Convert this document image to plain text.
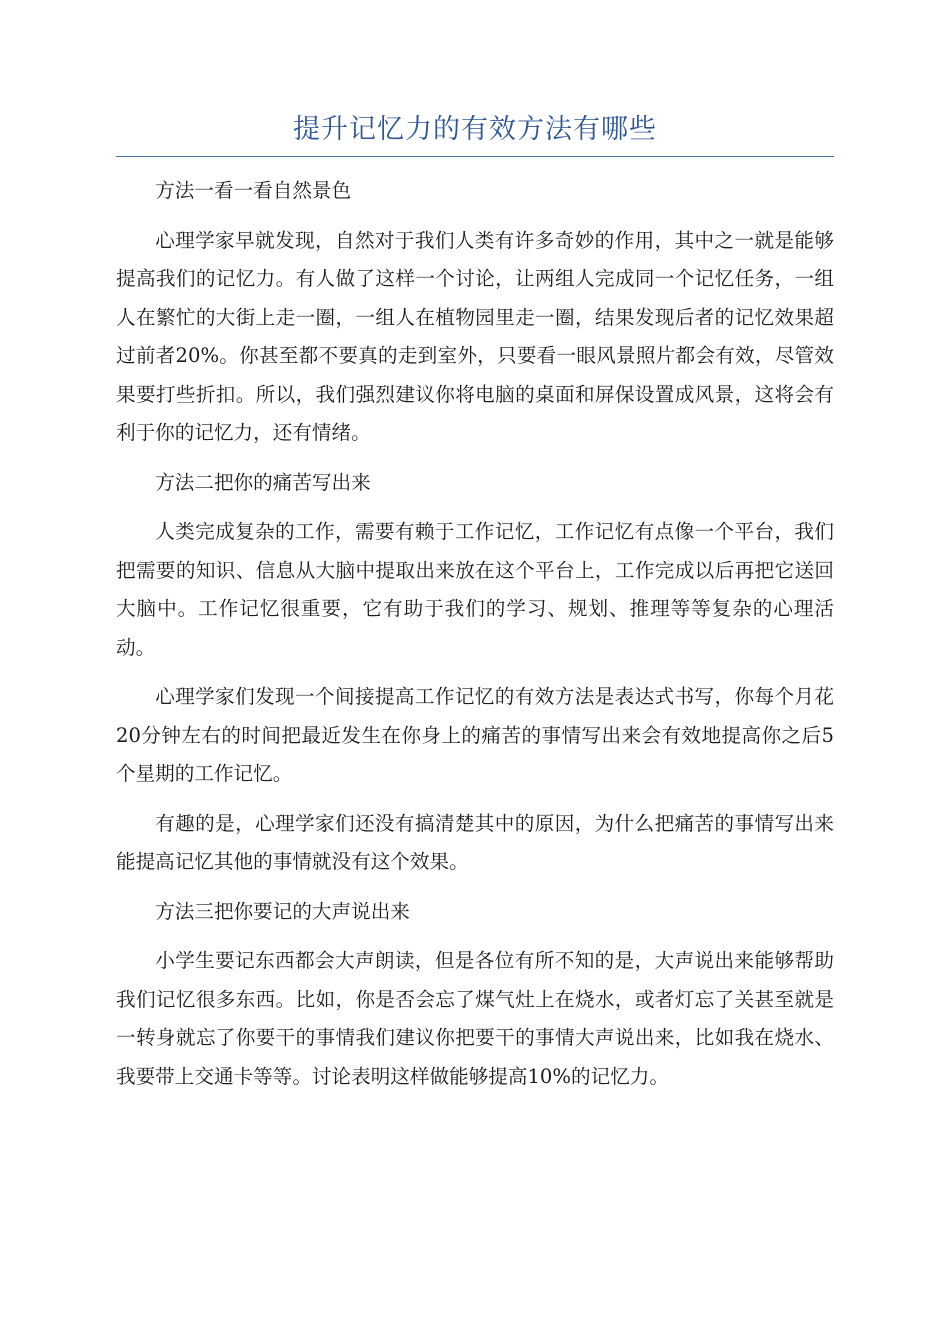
提升记忆力的有效方法有哪些

方法一看一看自然景色

心理学家早就发现，自然对于我们人类有许多奇妙的作用，其中之一就是能够提高我们的记忆力。有人做了这样一个讨论，让两组人完成同一个记忆任务，一组人在繁忙的大街上走一圈，一组人在植物园里走一圈，结果发现后者的记忆效果超过前者20%。你甚至都不要真的走到室外，只要看一眼风景照片都会有效，尽管效果要打些折扣。所以，我们强烈建议你将电脑的桌面和屏保设置成风景，这将会有利于你的记忆力，还有情绪。

方法二把你的痛苦写出来

人类完成复杂的工作，需要有赖于工作记忆，工作记忆有点像一个平台，我们把需要的知识、信息从大脑中提取出来放在这个平台上，工作完成以后再把它送回大脑中。工作记忆很重要，它有助于我们的学习、规划、推理等等复杂的心理活动。

心理学家们发现一个间接提高工作记忆的有效方法是表达式书写，你每个月花20分钟左右的时间把最近发生在你身上的痛苦的事情写出来会有效地提高你之后5个星期的工作记忆。

有趣的是，心理学家们还没有搞清楚其中的原因，为什么把痛苦的事情写出来能提高记忆其他的事情就没有这个效果。

方法三把你要记的大声说出来

小学生要记东西都会大声朗读，但是各位有所不知的是，大声说出来能够帮助我们记忆很多东西。比如，你是否会忘了煤气灶上在烧水，或者灯忘了关甚至就是一转身就忘了你要干的事情我们建议你把要干的事情大声说出来，比如我在烧水、我要带上交通卡等等。讨论表明这样做能够提高10%的记忆力。
